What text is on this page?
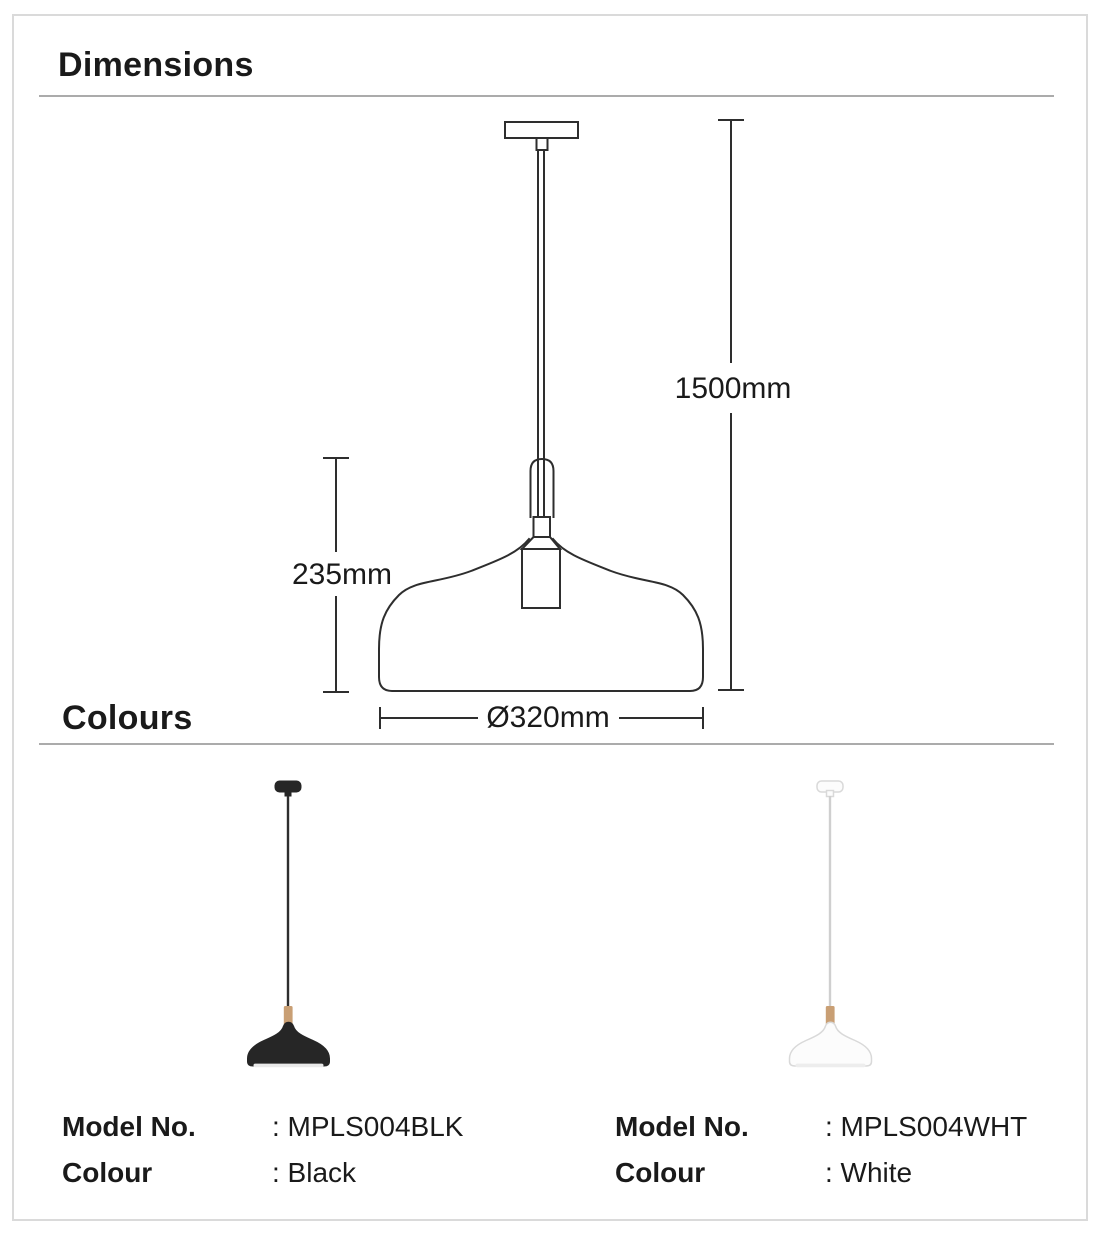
Dimensions
1500mm
235mm
Ø320mm
Colours
Model No.	: MPLS004BLK
Colour	: Black
Model No.	: MPLS004WHT
Colour	: White
